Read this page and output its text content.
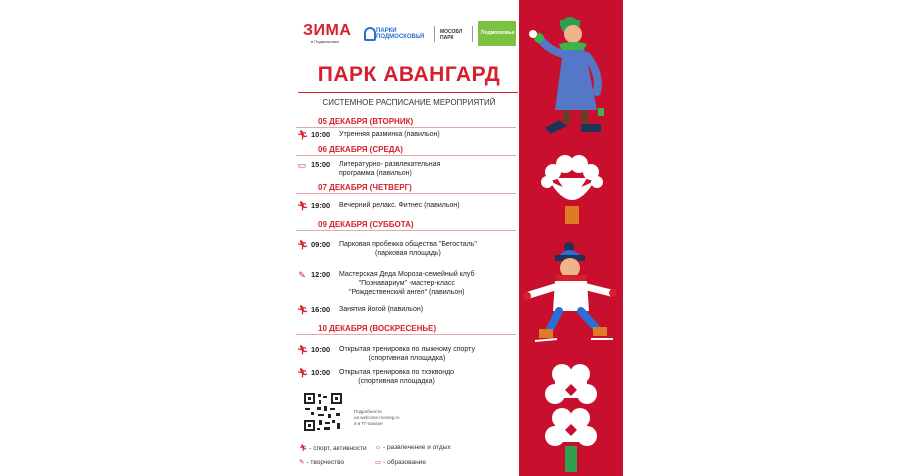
ЗИМА
в Подмосковье
ПАРКИ
ПОДМОСКОВЬЯ
МОСОБЛ
ПАРК
Подмосковье
ПАРК АВАНГАРД
СИСТЕМНОЕ РАСПИСАНИЕ МЕРОПРИЯТИЙ
05 ДЕКАБРЯ (ВТОРНИК)
🏃︎ 10:00 Утренняя разминка (павильон)
06 ДЕКАБРЯ (СРЕДА)
▭ 15:00 Литературно- развлекательная
программа (павильон)
07 ДЕКАБРЯ (ЧЕТВЕРГ)
🏃︎ 19:00 Вечерний релакс. Фитнес (павильон)
09 ДЕКАБРЯ (СУББОТА)
🏃︎ 09:00 Парковая пробежка общества "Бегосталь"
(парковая площадь)
✎ 12:00 Мастерская Деда Мороза-семейный клуб
"Познавариум" -мастер-класс
"Рождественский ангел" (павильон)
🏃︎ 16:00 Занятия йогой (павильон)
10 ДЕКАБРЯ (ВОСКРЕСЕНЬЕ)
🏃︎ 10:00 Открытая тренировка по лыжному спорту
(спортивная площадка)
🏃︎ 10:00 Открытая тренировка по тхэквондо
(спортивная площадка)
Подробности
на welcome.mosreg.ru
и в ТГ-канале
🏃︎ - спорт, активности ☼ - развлечение и отдых
✎ - творчество	▭ - образование
